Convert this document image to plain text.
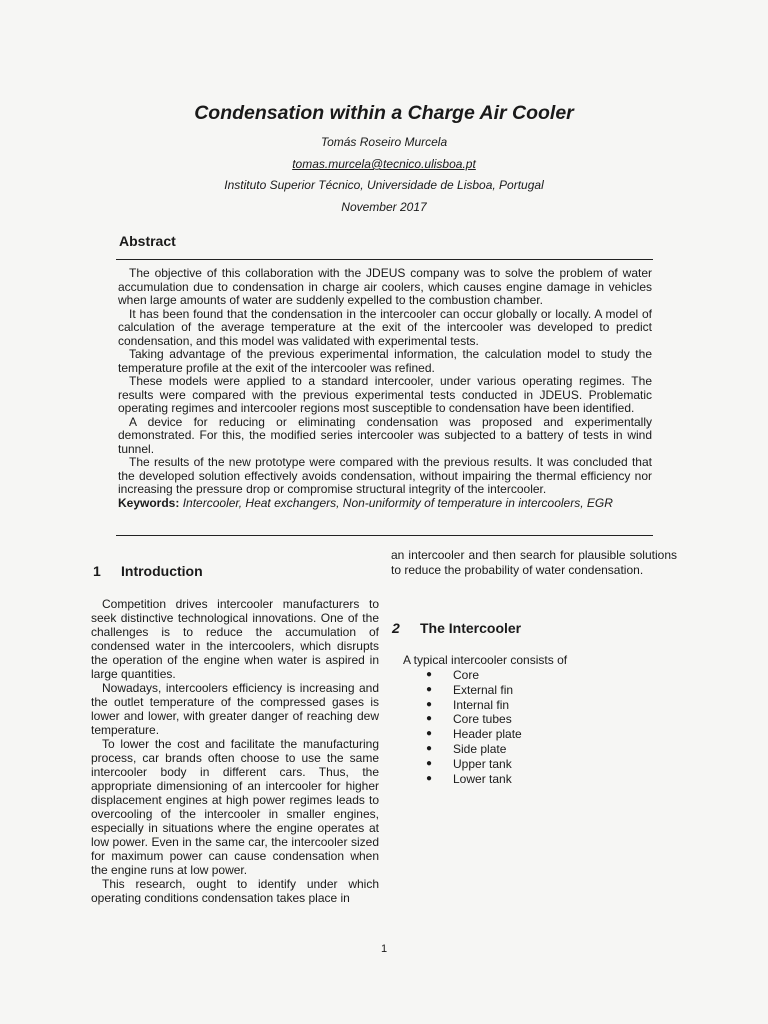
Condensation within a Charge Air Cooler
Tomás Roseiro Murcela
tomas.murcela@tecnico.ulisboa.pt
Instituto Superior Técnico, Universidade de Lisboa, Portugal
November 2017
Abstract

The objective of this collaboration with the JDEUS company was to solve the problem of water accumulation due to condensation in charge air coolers, which causes engine damage in vehicles when large amounts of water are suddenly expelled to the combustion chamber.

It has been found that the condensation in the intercooler can occur globally or locally. A model of calculation of the average temperature at the exit of the intercooler was developed to predict condensation, and this model was validated with experimental tests.

Taking advantage of the previous experimental information, the calculation model to study the temperature profile at the exit of the intercooler was refined.

These models were applied to a standard intercooler, under various operating regimes. The results were compared with the previous experimental tests conducted in JDEUS. Problematic operating regimes and intercooler regions most susceptible to condensation have been identified.

A device for reducing or eliminating condensation was proposed and experimentally demonstrated. For this, the modified series intercooler was subjected to a battery of tests in wind tunnel.

The results of the new prototype were compared with the previous results. It was concluded that the developed solution effectively avoids condensation, without impairing the thermal efficiency nor increasing the pressure drop or compromise structural integrity of the intercooler.

Keywords: Intercooler, Heat exchangers, Non-uniformity of temperature in intercoolers, EGR

1 Introduction

Competition drives intercooler manufacturers to seek distinctive technological innovations. One of the challenges is to reduce the accumulation of condensed water in the intercoolers, which disrupts the operation of the engine when water is aspired in large quantities.

Nowadays, intercoolers efficiency is increasing and the outlet temperature of the compressed gases is lower and lower, with greater danger of reaching dew temperature.

To lower the cost and facilitate the manufacturing process, car brands often choose to use the same intercooler body in different cars. Thus, the appropriate dimensioning of an intercooler for higher displacement engines at high power regimes leads to overcooling of the intercooler in smaller engines, especially in situations where the engine operates at low power. Even in the same car, the intercooler sized for maximum power can cause condensation when the engine runs at low power.

This research, ought to identify under which operating conditions condensation takes place in

an intercooler and then search for plausible solutions to reduce the probability of water condensation.

2 The Intercooler
A typical intercooler consists of
● Core
● External fin
● Internal fin
● Core tubes
● Header plate
● Side plate
● Upper tank
● Lower tank
1
